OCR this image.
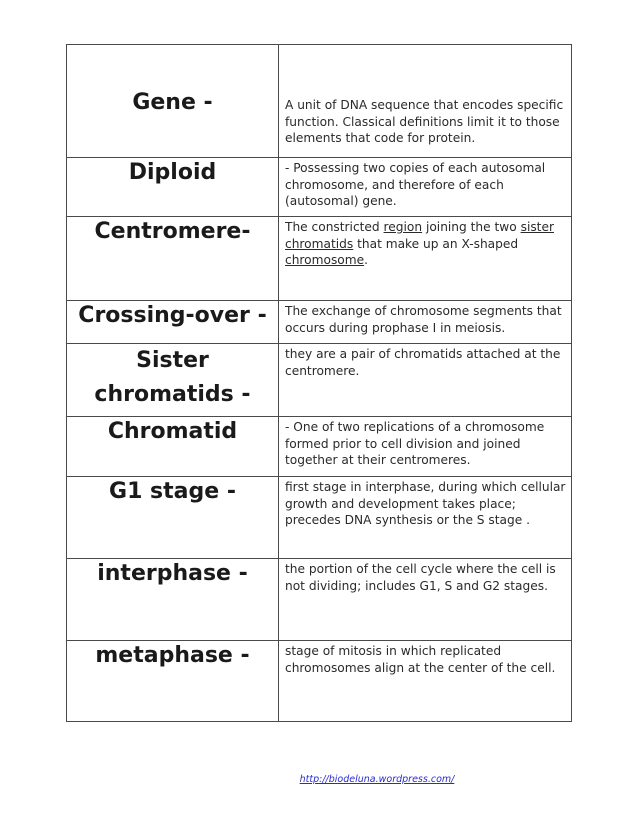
Gene -	A unit of DNA sequence that encodes specific function. Classical definitions limit it to those elements that code for protein.

Diploid	- Possessing two copies of each autosomal chromosome, and therefore of each (autosomal) gene.

Centromere-	The constricted region joining the two sister chromatids that make up an X-shaped chromosome.

Crossing-over -	The exchange of chromosome segments that occurs during prophase I in meiosis.

Sister chromatids -	they are a pair of chromatids attached at the centromere.

Chromatid	- One of two replications of a chromosome formed prior to cell division and joined together at their centromeres.

G1 stage -	first stage in interphase, during which cellular growth and development takes place; precedes DNA synthesis or the S stage .

interphase -	the portion of the cell cycle where the cell is not dividing; includes G1, S and G2 stages.

metaphase -	stage of mitosis in which replicated chromosomes align at the center of the cell.
http://biodeluna.wordpress.com/
